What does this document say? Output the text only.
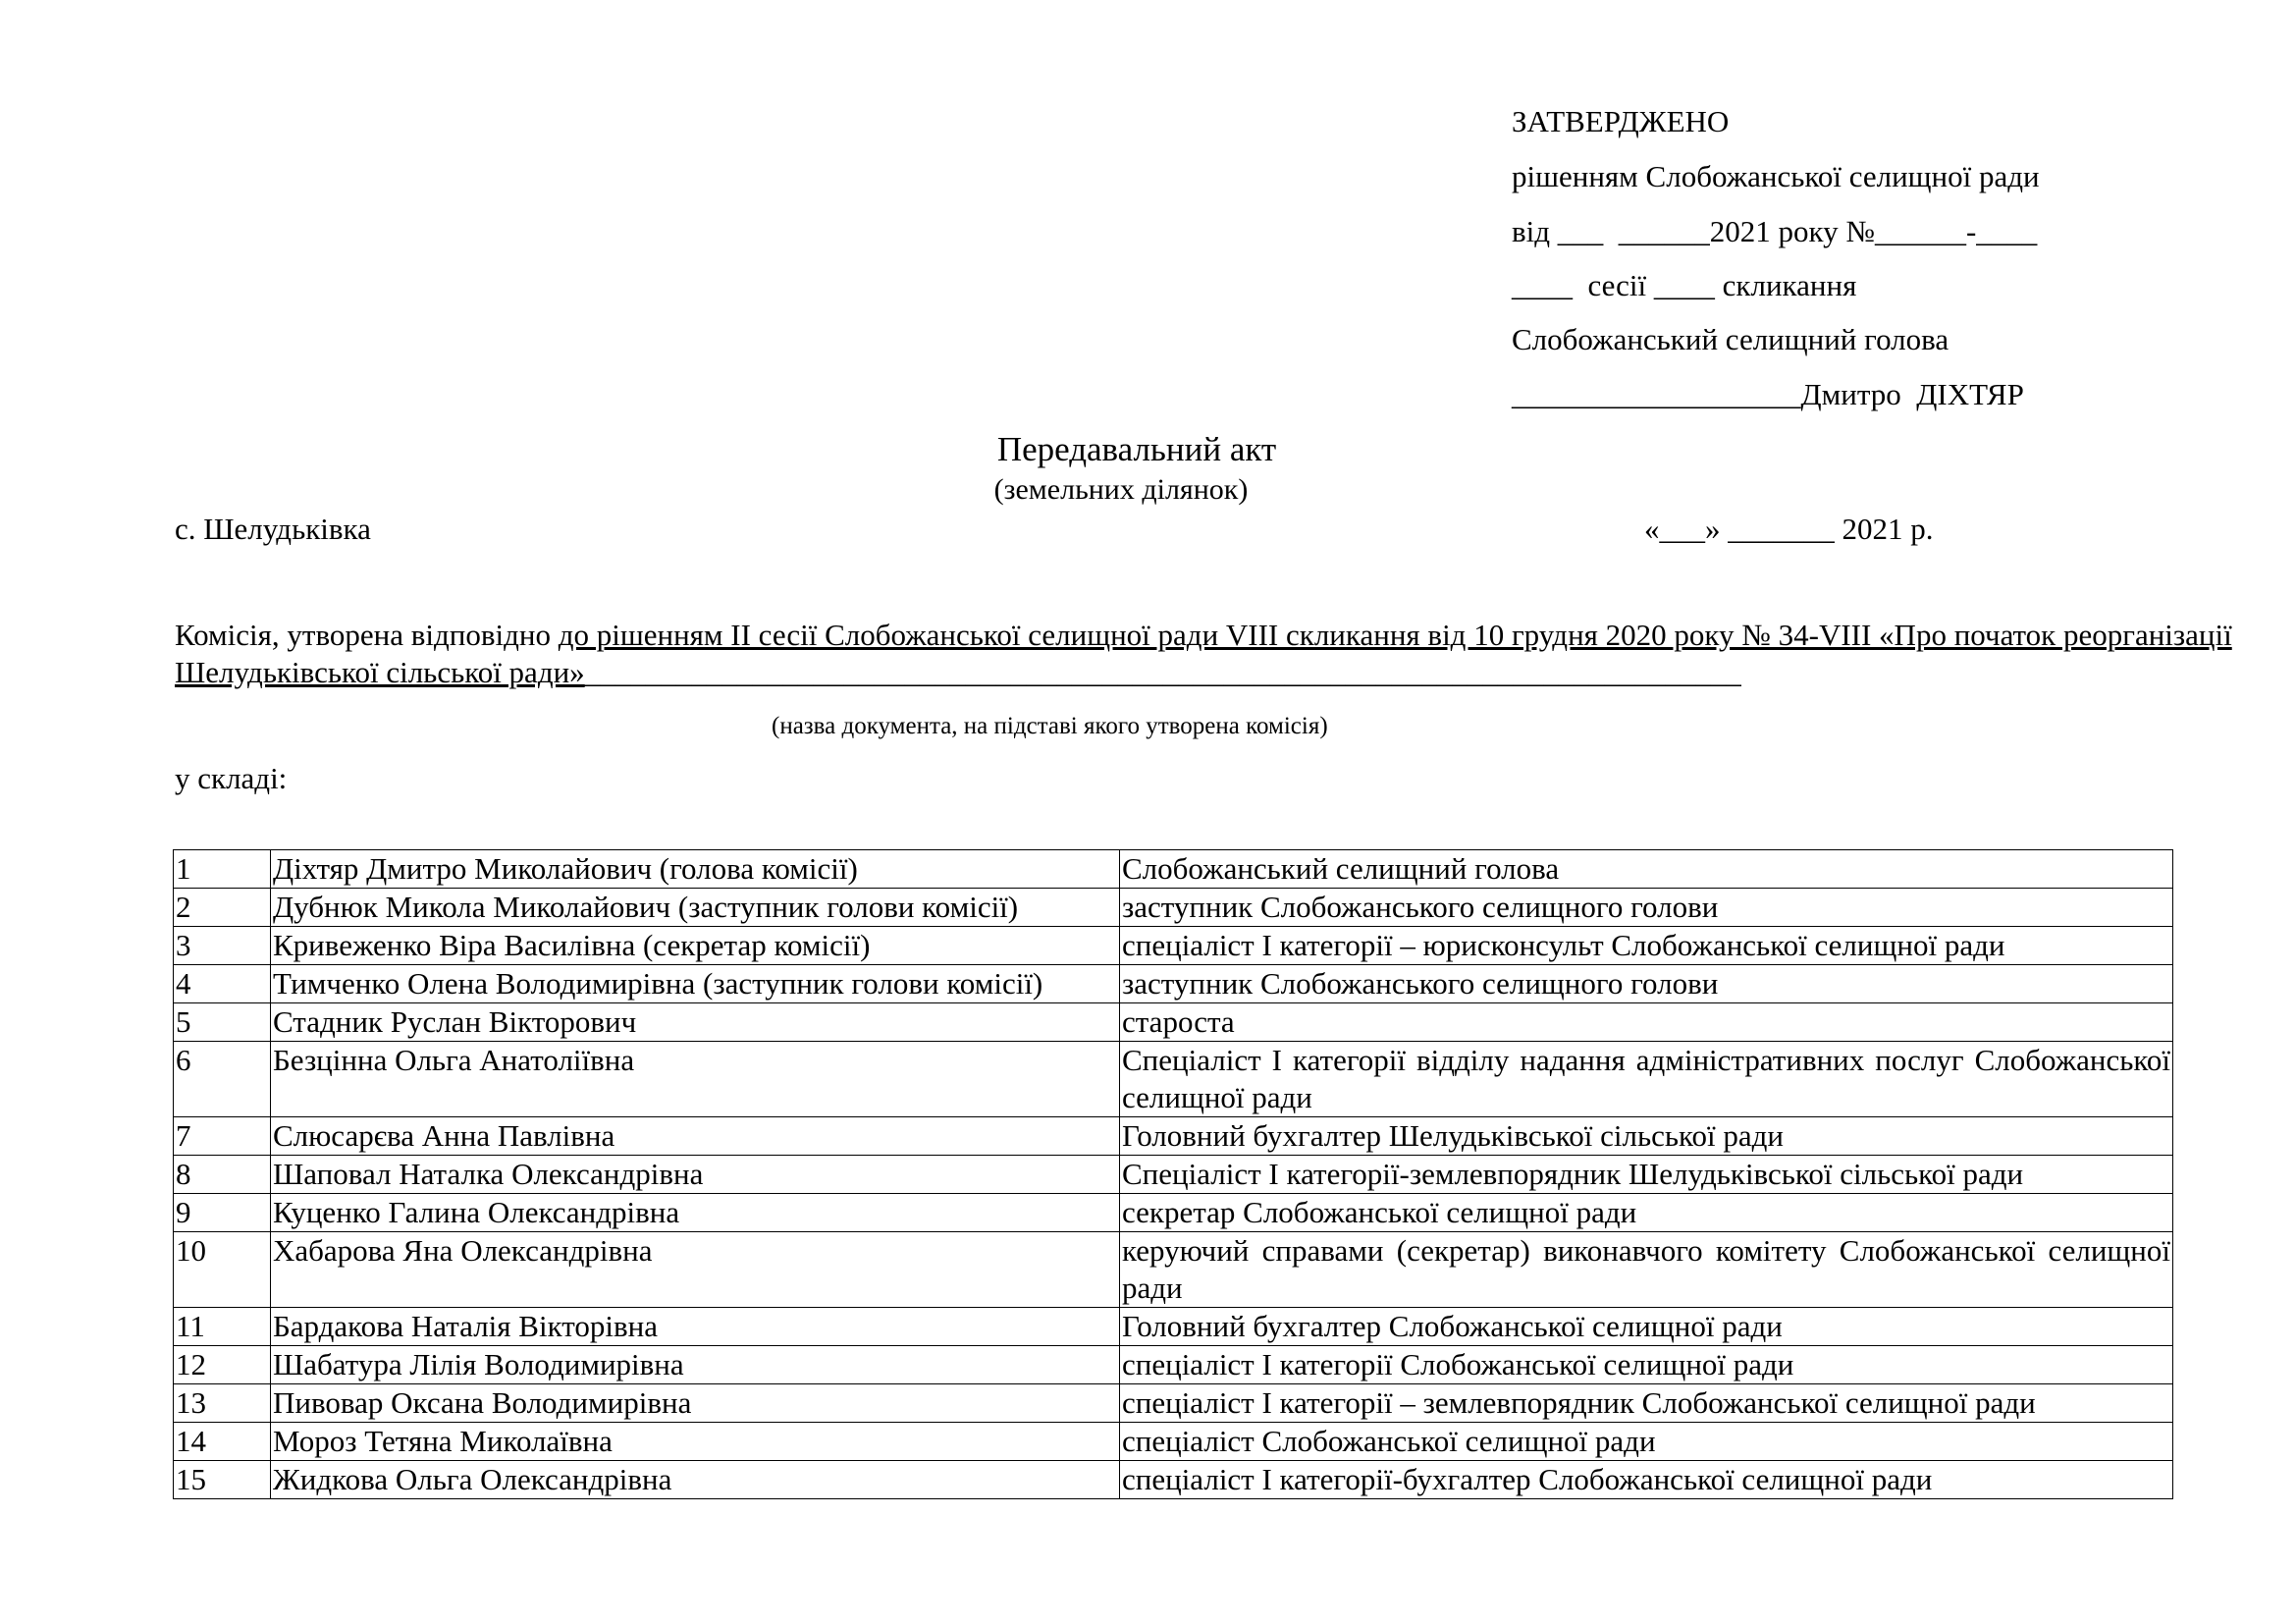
ЗАТВЕРДЖЕНО
рішенням Слобожанської селищної ради
від ___  ______2021 року №______-____
____  сесії ____ скликання
Слобожанський селищний голова
___________________Дмитро  ДІХТЯР
Передавальний акт
(земельних ділянок)
с. Шелудьківка	«___» _______ 2021 р.
Комісія, утворена відповідно до рішенням ІІ сесії Слобожанської селищної ради VIII скликання від 10 грудня 2020 року № 34-VIII «Про початок реорганізації Шелудьківської сільської ради»____________________________________________________________________________
(назва документа, на підставі якого утворена комісія)
у складі:
1	Діхтяр Дмитро Миколайович (голова комісії)	Слобожанський селищний голова
2	Дубнюк Микола Миколайович (заступник голови комісії)	заступник Слобожанського селищного голови
3	Кривеженко Віра Василівна (секретар комісії)	спеціаліст І категорії – юрисконсульт Слобожанської селищної ради
4	Тимченко Олена Володимирівна (заступник голови комісії)	заступник Слобожанського селищного голови
5	Стадник Руслан Вікторович	староста
6	Безцінна Ольга Анатоліївна	Спеціаліст І категорії відділу надання адміністративних послуг Слобожанської селищної ради
7	Слюсарєва Анна Павлівна	Головний бухгалтер Шелудьківської сільської ради
8	Шаповал Наталка Олександрівна	Спеціаліст І категорії-землевпорядник Шелудьківської сільської ради
9	Куценко Галина Олександрівна	секретар Слобожанської селищної ради
10	Хабарова Яна Олександрівна	керуючий справами (секретар) виконавчого комітету Слобожанської селищної ради
11	Бардакова Наталія Вікторівна	Головний бухгалтер Слобожанської селищної ради
12	Шабатура Лілія Володимирівна	спеціаліст І категорії Слобожанської селищної ради
13	Пивовар Оксана Володимирівна	спеціаліст І категорії – землевпорядник Слобожанської селищної ради
14	Мороз Тетяна Миколаївна	спеціаліст Слобожанської селищної ради
15	Жидкова Ольга Олександрівна	спеціаліст І категорії-бухгалтер Слобожанської селищної ради
